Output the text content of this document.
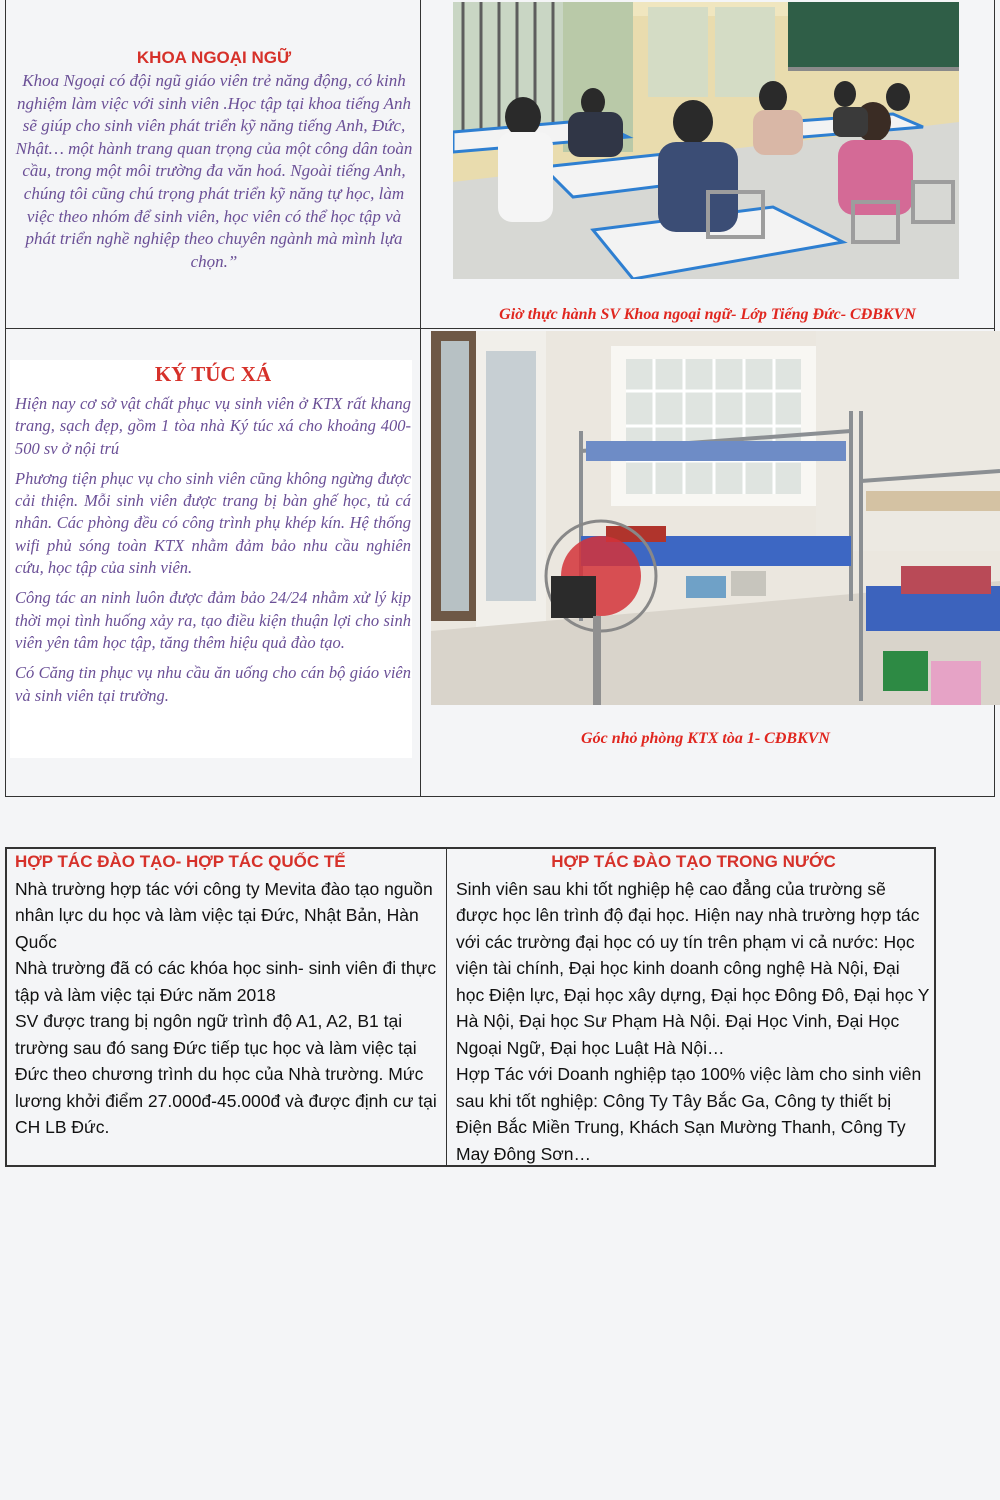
KHOA NGOẠI NGỮ
Khoa Ngoại có đội ngũ giáo viên trẻ năng động, có kinh nghiệm làm việc với sinh viên .Học tập tại khoa tiếng Anh sẽ giúp cho sinh viên phát triển kỹ năng tiếng Anh, Đức, Nhật… một hành trang quan trọng của một công dân toàn cầu, trong một môi trường đa văn hoá. Ngoài tiếng Anh, chúng tôi cũng chú trọng phát triển kỹ năng tự học, làm việc theo nhóm để sinh viên, học viên có thể học tập và phát triển nghề nghiệp theo chuyên ngành mà mình lựa chọn.”
Giờ thực hành SV Khoa ngoại ngữ- Lớp Tiếng Đức- CĐBKVN
KÝ TÚC XÁ
Hiện nay cơ sở vật chất phục vụ sinh viên ở KTX rất khang trang, sạch đẹp, gồm 1 tòa nhà Ký túc xá cho khoảng 400-500 sv ở nội trú
Phương tiện phục vụ cho sinh viên cũng không ngừng được cải thiện. Mỗi sinh viên được trang bị bàn ghế học, tủ cá nhân. Các phòng đều có công trình phụ khép kín. Hệ thống wifi phủ sóng toàn KTX nhằm đảm bảo nhu cầu nghiên cứu, học tập của sinh viên.
Công tác an ninh luôn được đảm bảo 24/24 nhằm xử lý kịp thời mọi tình huống xảy ra, tạo điều kiện thuận lợi cho sinh viên yên tâm học tập, tăng thêm hiệu quả đào tạo.
Có Căng tin phục vụ nhu cầu ăn uống cho cán bộ giáo viên và sinh viên tại trường.
Góc nhỏ phòng KTX tòa 1- CĐBKVN
HỢP TÁC ĐÀO TẠO- HỢP TÁC QUỐC TẾ
Nhà trường hợp tác với công ty Mevita đào tạo nguồn nhân lực du học và làm việc tại Đức, Nhật Bản, Hàn Quốc
Nhà trường đã có các khóa học sinh- sinh viên đi thực tập và làm việc tại Đức năm 2018
SV được trang bị ngôn ngữ trình độ A1, A2, B1 tại trường sau đó sang Đức tiếp tục học và làm việc tại Đức theo chương trình du học của Nhà trường. Mức lương khởi điểm 27.000đ-45.000đ và được định cư tại CH LB Đức.
HỢP TÁC ĐÀO TẠO TRONG NƯỚC
Sinh viên sau khi tốt nghiệp hệ cao đẳng của trường sẽ được học lên trình độ đại học. Hiện nay nhà trường hợp tác với các trường đại học có uy tín trên phạm vi cả nước: Học viện tài chính, Đại học kinh doanh công nghệ Hà Nội, Đại học Điện lực, Đại học xây dựng, Đại học Đông Đô, Đại học Y Hà Nội, Đại học Sư Phạm Hà Nội. Đại Học Vinh, Đại Học Ngoại Ngữ, Đại học Luật Hà Nội…
Hợp Tác với Doanh nghiệp tạo 100% việc làm cho sinh viên sau khi tốt nghiệp: Công Ty Tây Bắc Ga, Công ty thiết bị Điện Bắc Miền Trung, Khách Sạn Mường Thanh, Công Ty May Đông Sơn…
